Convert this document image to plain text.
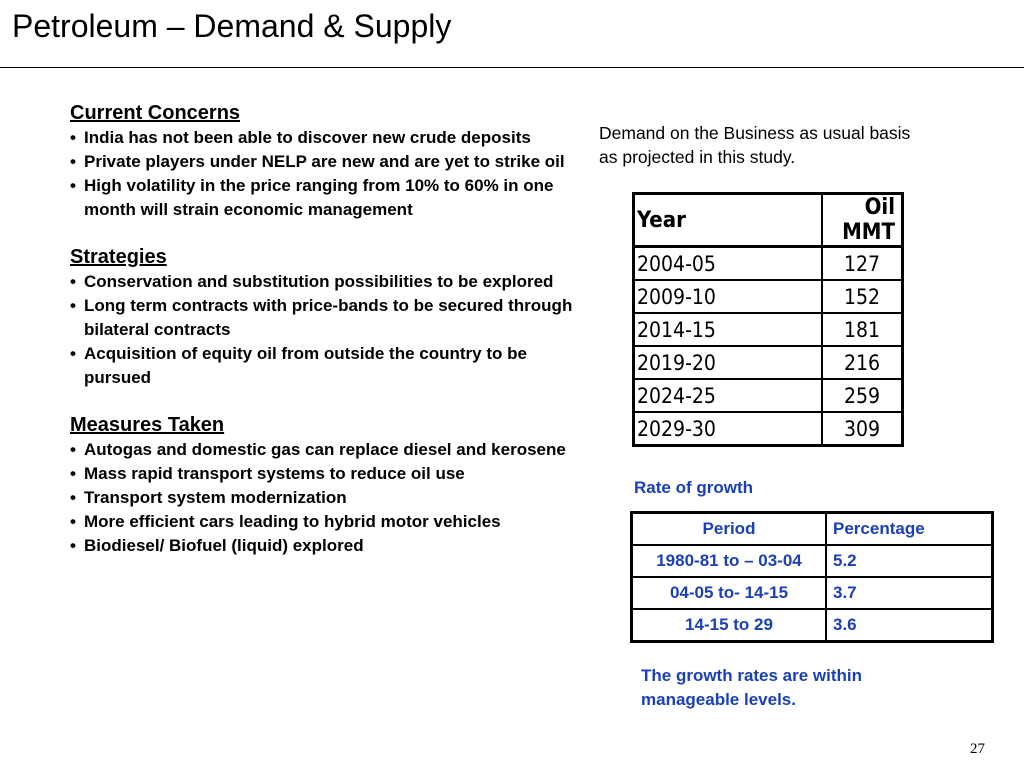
Petroleum – Demand & Supply
Current Concerns
• India has not been able to discover new crude deposits
• Private players under NELP are new and are yet to strike oil
• High volatility in the price ranging from 10% to 60% in one month will strain economic management
Strategies
• Conservation and substitution possibilities to be explored
• Long term contracts with price-bands to be secured through bilateral contracts
• Acquisition of equity oil from outside the country to be pursued
Measures Taken
• Autogas and domestic gas can replace diesel and kerosene
• Mass rapid transport systems to reduce oil use
• Transport system modernization
• More efficient cars leading to hybrid motor vehicles
• Biodiesel/ Biofuel (liquid) explored
Demand on the Business as usual basis as projected in this study.
Year	Oil MMT
2004-05	127
2009-10	152
2014-15	181
2019-20	216
2024-25	259
2029-30	309
Rate of growth
Period	Percentage
1980-81 to – 03-04	5.2
04-05 to- 14-15	3.7
14-15 to 29	3.6
The growth rates are within manageable levels.
27
